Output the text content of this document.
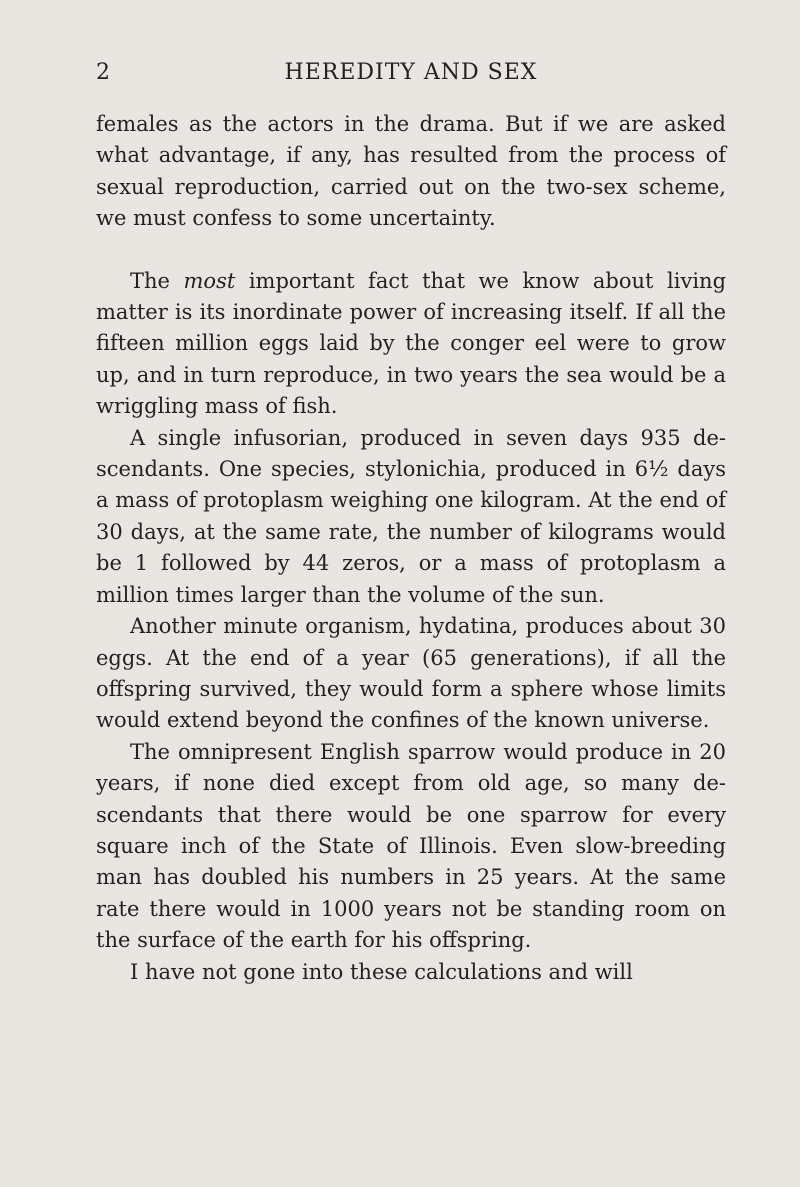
2	HEREDITY AND SEX

females as the actors in the drama. But if we are asked what advantage, if any, has resulted from the process of sexual reproduction, carried out on the two-sex scheme, we must confess to some uncertainty.

The most important fact that we know about living matter is its inordinate power of increasing itself. If all the fifteen million eggs laid by the conger eel were to grow up, and in turn reproduce, in two years the sea would be a wriggling mass of fish.

A single infusorian, produced in seven days 935 descendants. One species, stylonichia, produced in 6½ days a mass of protoplasm weighing one kilogram. At the end of 30 days, at the same rate, the number of kilograms would be 1 followed by 44 zeros, or a mass of protoplasm a million times larger than the volume of the sun.

Another minute organism, hydatina, produces about 30 eggs. At the end of a year (65 generations), if all the offspring survived, they would form a sphere whose limits would extend beyond the confines of the known universe.

The omnipresent English sparrow would produce in 20 years, if none died except from old age, so many descendants that there would be one sparrow for every square inch of the State of Illinois. Even slow-breeding man has doubled his numbers in 25 years. At the same rate there would in 1000 years not be standing room on the surface of the earth for his offspring.

I have not gone into these calculations and will
